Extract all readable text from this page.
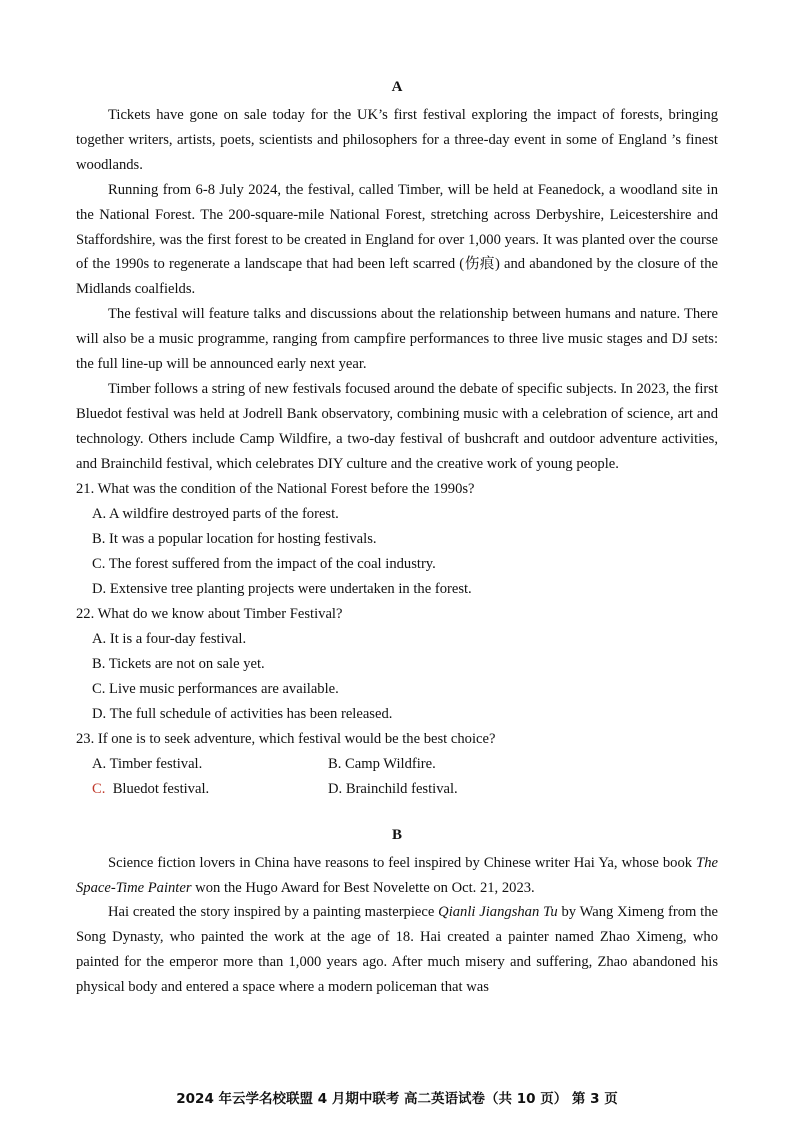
A

Tickets have gone on sale today for the UK’s first festival exploring the impact of forests, bringing together writers, artists, poets, scientists and philosophers for a three-day event in some of England ’s finest woodlands.

Running from 6-8 July 2024, the festival, called Timber, will be held at Feanedock, a woodland site in the National Forest. The 200-square-mile National Forest, stretching across Derbyshire, Leicestershire and Staffordshire, was the first forest to be created in England for over 1,000 years. It was planted over the course of the 1990s to regenerate a landscape that had been left scarred (伤痕) and abandoned by the closure of the Midlands coalfields.

The festival will feature talks and discussions about the relationship between humans and nature. There will also be a music programme, ranging from campfire performances to three live music stages and DJ sets: the full line-up will be announced early next year.

Timber follows a string of new festivals focused around the debate of specific subjects. In 2023, the first Bluedot festival was held at Jodrell Bank observatory, combining music with a celebration of science, art and technology. Others include Camp Wildfire, a two-day festival of bushcraft and outdoor adventure activities, and Brainchild festival, which celebrates DIY culture and the creative work of young people.

21. What was the condition of the National Forest before the 1990s?

A. A wildfire destroyed parts of the forest.

B. It was a popular location for hosting festivals.

C. The forest suffered from the impact of the coal industry.

D. Extensive tree planting projects were undertaken in the forest.

22. What do we know about Timber Festival?

A. It is a four-day festival.

B. Tickets are not on sale yet.

C. Live music performances are available.

D. The full schedule of activities has been released.

23. If one is to seek adventure, which festival would be the best choice?

A. Timber festival.	B. Camp Wildfire.
C. Bluedot festival.	D. Brainchild festival.

B

Science fiction lovers in China have reasons to feel inspired by Chinese writer Hai Ya, whose book The Space-Time Painter won the Hugo Award for Best Novelette on Oct. 21, 2023.

Hai created the story inspired by a painting masterpiece Qianli Jiangshan Tu by Wang Ximeng from the Song Dynasty, who painted the work at the age of 18. Hai created a painter named Zhao Ximeng, who painted for the emperor more than 1,000 years ago. After much misery and suffering, Zhao abandoned his physical body and entered a space where a modern policeman that was

2024 年云学名校联盟 4 月期中联考 高二英语试卷（共 10 页） 第 3 页
